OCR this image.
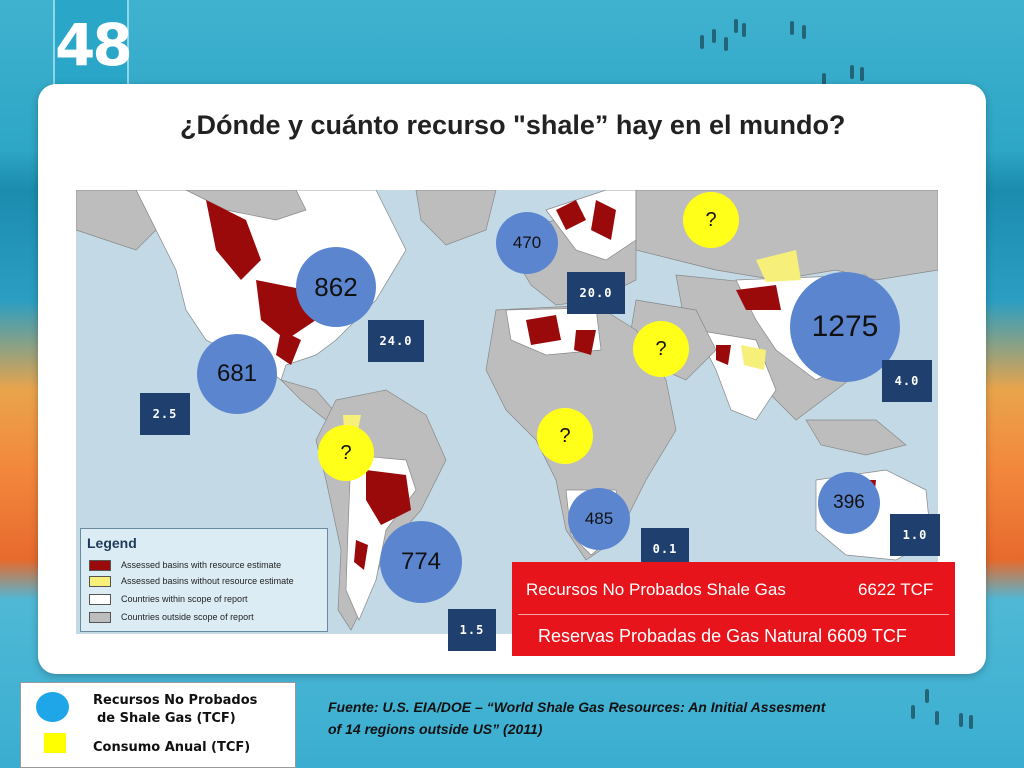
48
¿Dónde y cuánto recurso "shale” hay en el mundo?
862
681
774
470
1275
485
396
?
?
?
?
24.0
2.5
1.5
20.0
4.0
0.1
1.0
Legend
Assessed basins with resource estimate
Assessed basins without resource estimate
Countries within scope of report
Countries outside scope of report
Recursos No Probados Shale Gas	6622 TCF
Reservas Probadas de Gas Natural 6609 TCF
Recursos No Probados
de Shale Gas (TCF)
Consumo Anual (TCF)
Fuente: U.S. EIA/DOE – “World Shale Gas Resources: An Initial Assesment
of 14 regions outside US” (2011)
